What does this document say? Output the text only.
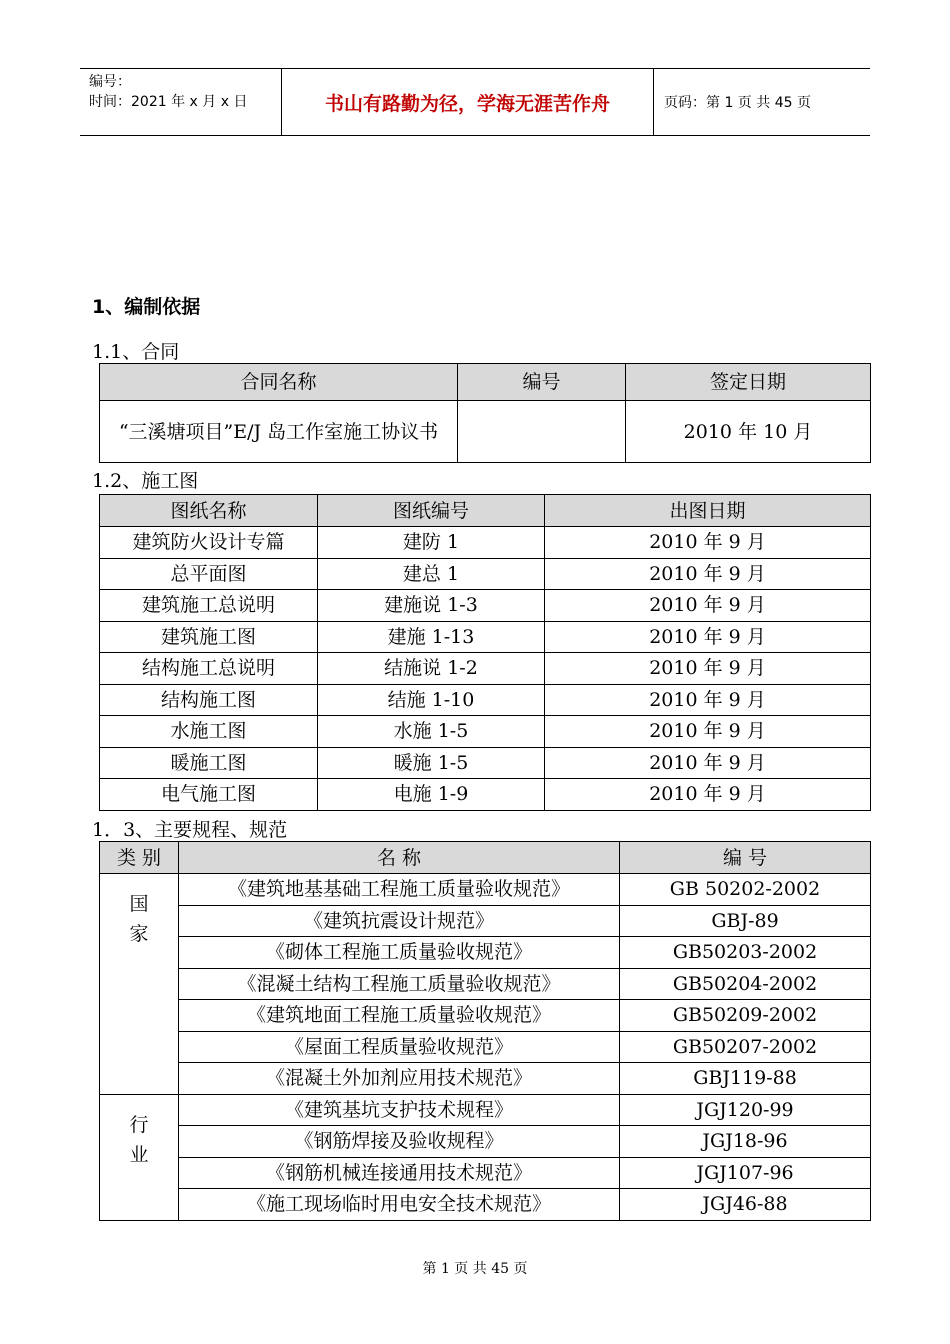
编号：
时间：2021 年 x 月 x 日	书山有路勤为径，学海无涯苦作舟	页码：第 1 页 共 45 页
1、编制依据
1.1、合同
合同名称	编号	签定日期
“三溪塘项目”E/J 岛工作室施工协议书		2010 年 10 月
1.2、施工图
图纸名称	图纸编号	出图日期
建筑防火设计专篇	建防 1	2010 年 9 月
总平面图	建总 1	2010 年 9 月
建筑施工总说明	建施说 1-3	2010 年 9 月
建筑施工图	建施 1-13	2010 年 9 月
结构施工总说明	结施说 1-2	2010 年 9 月
结构施工图	结施 1-10	2010 年 9 月
水施工图	水施 1-5	2010 年 9 月
暖施工图	暖施 1-5	2010 年 9 月
电气施工图	电施 1-9	2010 年 9 月
1．3、主要规程、规范
类 别	名 称	编 号
国家	《建筑地基基础工程施工质量验收规范》	GB 50202-2002
	《建筑抗震设计规范》	GBJ-89
	《砌体工程施工质量验收规范》	GB50203-2002
	《混凝土结构工程施工质量验收规范》	GB50204-2002
	《建筑地面工程施工质量验收规范》	GB50209-2002
	《屋面工程质量验收规范》	GB50207-2002
	《混凝土外加剂应用技术规范》	GBJ119-88
行业	《建筑基坑支护技术规程》	JGJ120-99
	《钢筋焊接及验收规程》	JGJ18-96
	《钢筋机械连接通用技术规范》	JGJ107-96
	《施工现场临时用电安全技术规范》	JGJ46-88
第 1 页 共 45 页
